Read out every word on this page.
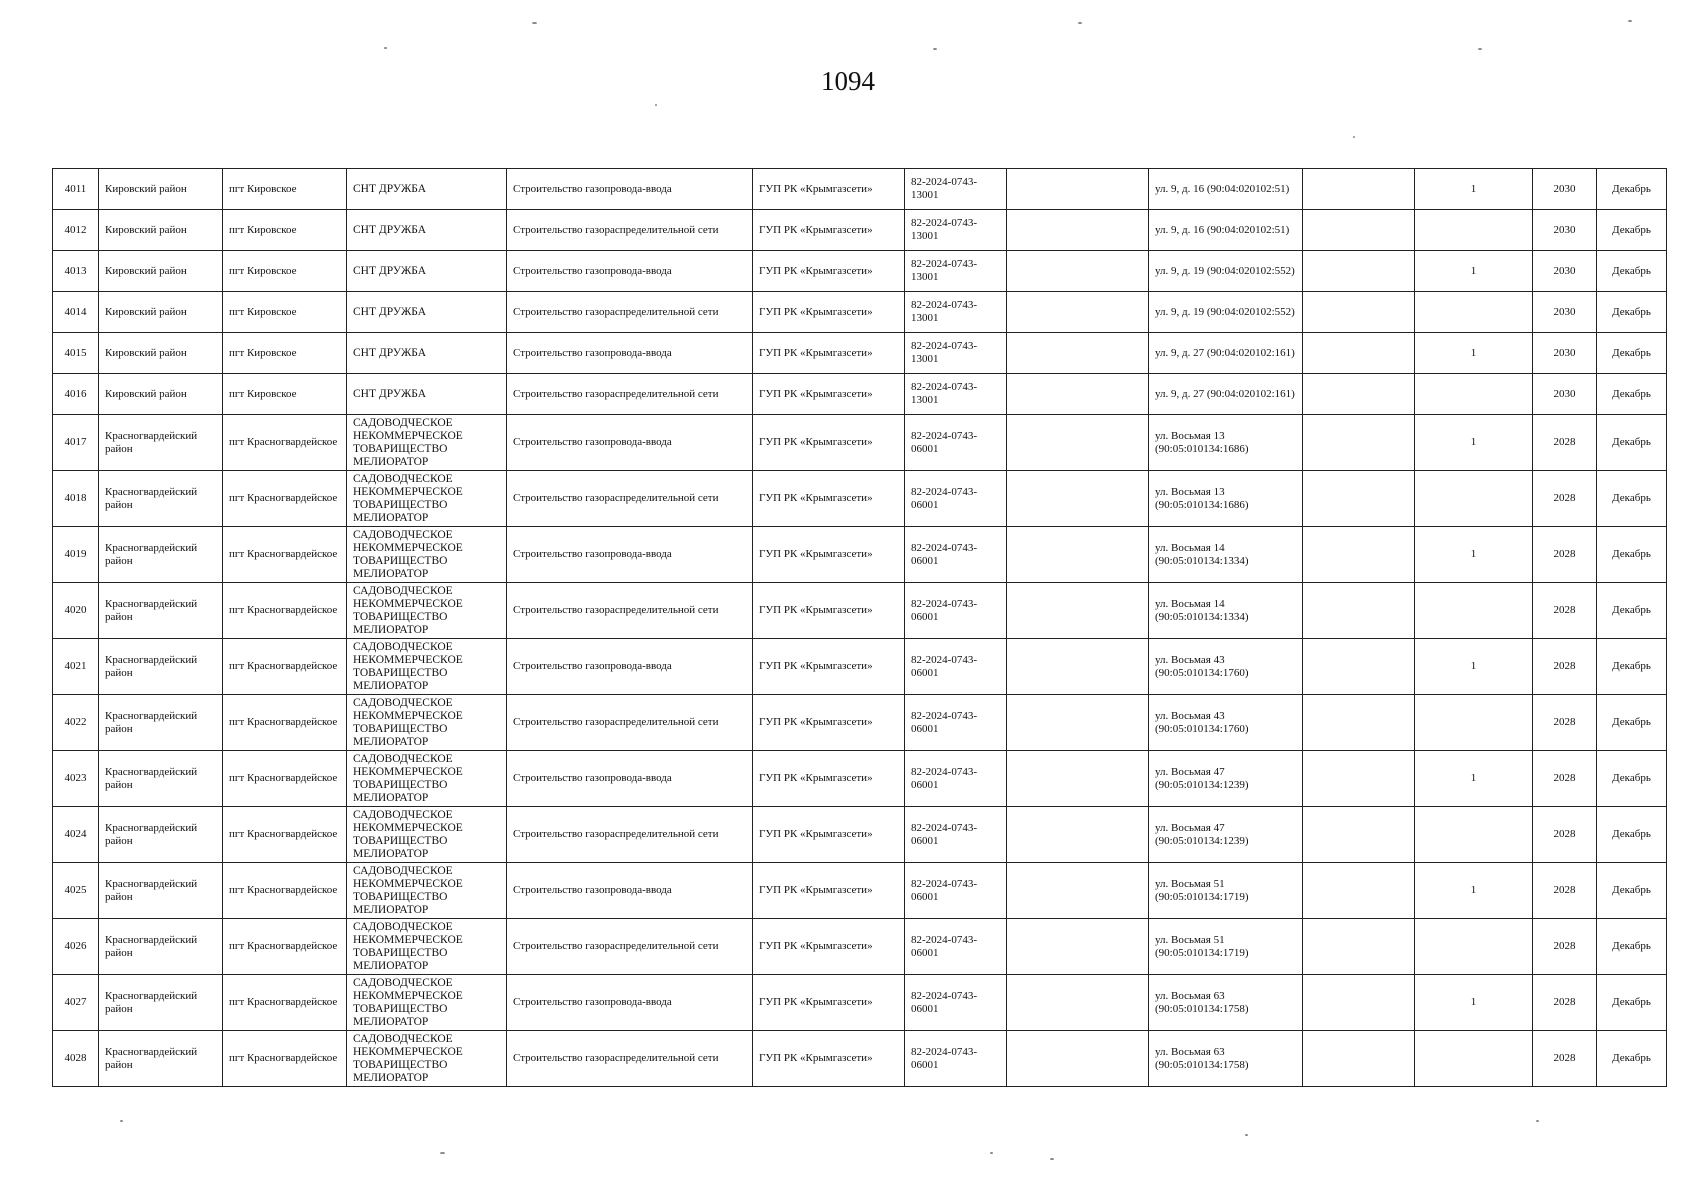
1094
4011	Кировский район	пгт Кировское	СНТ ДРУЖБА	Строительство газопровода-ввода	ГУП РК «Крымгазсети»	82-2024-0743-13001		ул. 9, д. 16 (90:04:020102:51)		1	2030	Декабрь
4012	Кировский район	пгт Кировское	СНТ ДРУЖБА	Строительство газораспределительной сети	ГУП РК «Крымгазсети»	82-2024-0743-13001		ул. 9, д. 16 (90:04:020102:51)			2030	Декабрь
4013	Кировский район	пгт Кировское	СНТ ДРУЖБА	Строительство газопровода-ввода	ГУП РК «Крымгазсети»	82-2024-0743-13001		ул. 9, д. 19 (90:04:020102:552)		1	2030	Декабрь
4014	Кировский район	пгт Кировское	СНТ ДРУЖБА	Строительство газораспределительной сети	ГУП РК «Крымгазсети»	82-2024-0743-13001		ул. 9, д. 19 (90:04:020102:552)			2030	Декабрь
4015	Кировский район	пгт Кировское	СНТ ДРУЖБА	Строительство газопровода-ввода	ГУП РК «Крымгазсети»	82-2024-0743-13001		ул. 9, д. 27 (90:04:020102:161)		1	2030	Декабрь
4016	Кировский район	пгт Кировское	СНТ ДРУЖБА	Строительство газораспределительной сети	ГУП РК «Крымгазсети»	82-2024-0743-13001		ул. 9, д. 27 (90:04:020102:161)			2030	Декабрь
4017	Красногвардейский район	пгт Красногвардейское	САДОВОДЧЕСКОЕ НЕКОММЕРЧЕСКОЕ ТОВАРИЩЕСТВО МЕЛИОРАТОР	Строительство газопровода-ввода	ГУП РК «Крымгазсети»	82-2024-0743-06001		ул. Восьмая 13 (90:05:010134:1686)		1	2028	Декабрь
4018	Красногвардейский район	пгт Красногвардейское	САДОВОДЧЕСКОЕ НЕКОММЕРЧЕСКОЕ ТОВАРИЩЕСТВО МЕЛИОРАТОР	Строительство газораспределительной сети	ГУП РК «Крымгазсети»	82-2024-0743-06001		ул. Восьмая 13 (90:05:010134:1686)			2028	Декабрь
4019	Красногвардейский район	пгт Красногвардейское	САДОВОДЧЕСКОЕ НЕКОММЕРЧЕСКОЕ ТОВАРИЩЕСТВО МЕЛИОРАТОР	Строительство газопровода-ввода	ГУП РК «Крымгазсети»	82-2024-0743-06001		ул. Восьмая 14 (90:05:010134:1334)		1	2028	Декабрь
4020	Красногвардейский район	пгт Красногвардейское	САДОВОДЧЕСКОЕ НЕКОММЕРЧЕСКОЕ ТОВАРИЩЕСТВО МЕЛИОРАТОР	Строительство газораспределительной сети	ГУП РК «Крымгазсети»	82-2024-0743-06001		ул. Восьмая 14 (90:05:010134:1334)			2028	Декабрь
4021	Красногвардейский район	пгт Красногвардейское	САДОВОДЧЕСКОЕ НЕКОММЕРЧЕСКОЕ ТОВАРИЩЕСТВО МЕЛИОРАТОР	Строительство газопровода-ввода	ГУП РК «Крымгазсети»	82-2024-0743-06001		ул. Восьмая 43 (90:05:010134:1760)		1	2028	Декабрь
4022	Красногвардейский район	пгт Красногвардейское	САДОВОДЧЕСКОЕ НЕКОММЕРЧЕСКОЕ ТОВАРИЩЕСТВО МЕЛИОРАТОР	Строительство газораспределительной сети	ГУП РК «Крымгазсети»	82-2024-0743-06001		ул. Восьмая 43 (90:05:010134:1760)			2028	Декабрь
4023	Красногвардейский район	пгт Красногвардейское	САДОВОДЧЕСКОЕ НЕКОММЕРЧЕСКОЕ ТОВАРИЩЕСТВО МЕЛИОРАТОР	Строительство газопровода-ввода	ГУП РК «Крымгазсети»	82-2024-0743-06001		ул. Восьмая 47 (90:05:010134:1239)		1	2028	Декабрь
4024	Красногвардейский район	пгт Красногвардейское	САДОВОДЧЕСКОЕ НЕКОММЕРЧЕСКОЕ ТОВАРИЩЕСТВО МЕЛИОРАТОР	Строительство газораспределительной сети	ГУП РК «Крымгазсети»	82-2024-0743-06001		ул. Восьмая 47 (90:05:010134:1239)			2028	Декабрь
4025	Красногвардейский район	пгт Красногвардейское	САДОВОДЧЕСКОЕ НЕКОММЕРЧЕСКОЕ ТОВАРИЩЕСТВО МЕЛИОРАТОР	Строительство газопровода-ввода	ГУП РК «Крымгазсети»	82-2024-0743-06001		ул. Восьмая 51 (90:05:010134:1719)		1	2028	Декабрь
4026	Красногвардейский район	пгт Красногвардейское	САДОВОДЧЕСКОЕ НЕКОММЕРЧЕСКОЕ ТОВАРИЩЕСТВО МЕЛИОРАТОР	Строительство газораспределительной сети	ГУП РК «Крымгазсети»	82-2024-0743-06001		ул. Восьмая 51 (90:05:010134:1719)			2028	Декабрь
4027	Красногвардейский район	пгт Красногвардейское	САДОВОДЧЕСКОЕ НЕКОММЕРЧЕСКОЕ ТОВАРИЩЕСТВО МЕЛИОРАТОР	Строительство газопровода-ввода	ГУП РК «Крымгазсети»	82-2024-0743-06001		ул. Восьмая 63 (90:05:010134:1758)		1	2028	Декабрь
4028	Красногвардейский район	пгт Красногвардейское	САДОВОДЧЕСКОЕ НЕКОММЕРЧЕСКОЕ ТОВАРИЩЕСТВО МЕЛИОРАТОР	Строительство газораспределительной сети	ГУП РК «Крымгазсети»	82-2024-0743-06001		ул. Восьмая 63 (90:05:010134:1758)			2028	Декабрь
